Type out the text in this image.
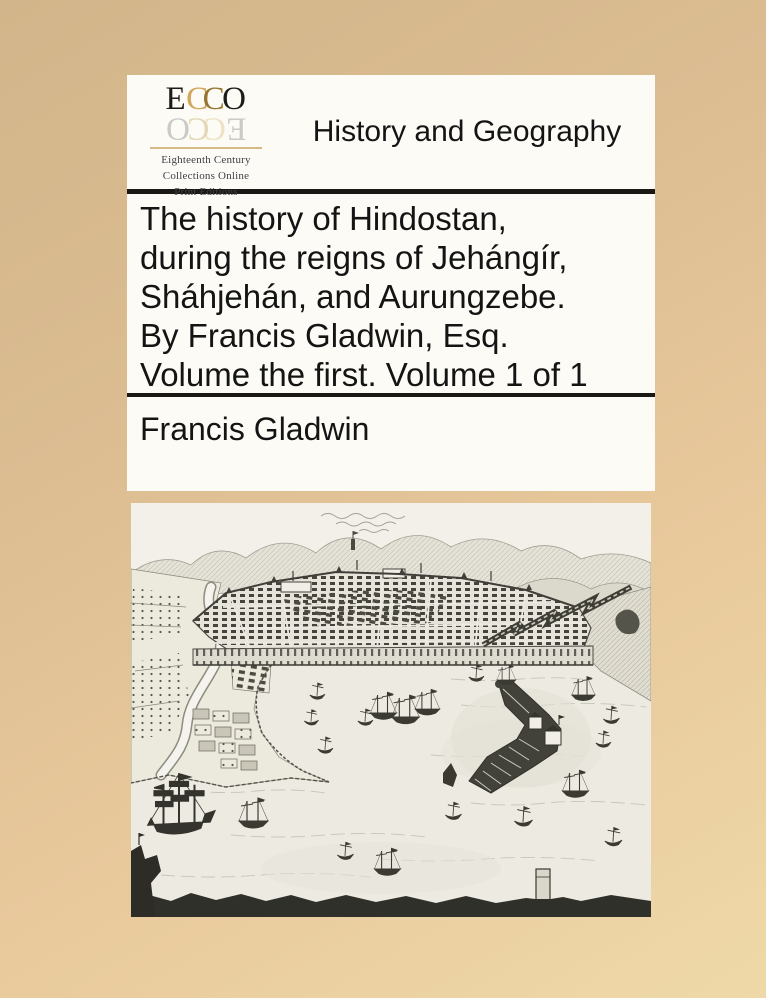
ECCO
ECCO
Eighteenth Century
Collections Online
Print Editions
History and Geography
The history of Hindostan,
during the reigns of Jehángír,
Sháhjehán, and Aurungzebe.
By Francis Gladwin, Esq.
Volume the first. Volume 1 of 1
Francis Gladwin
